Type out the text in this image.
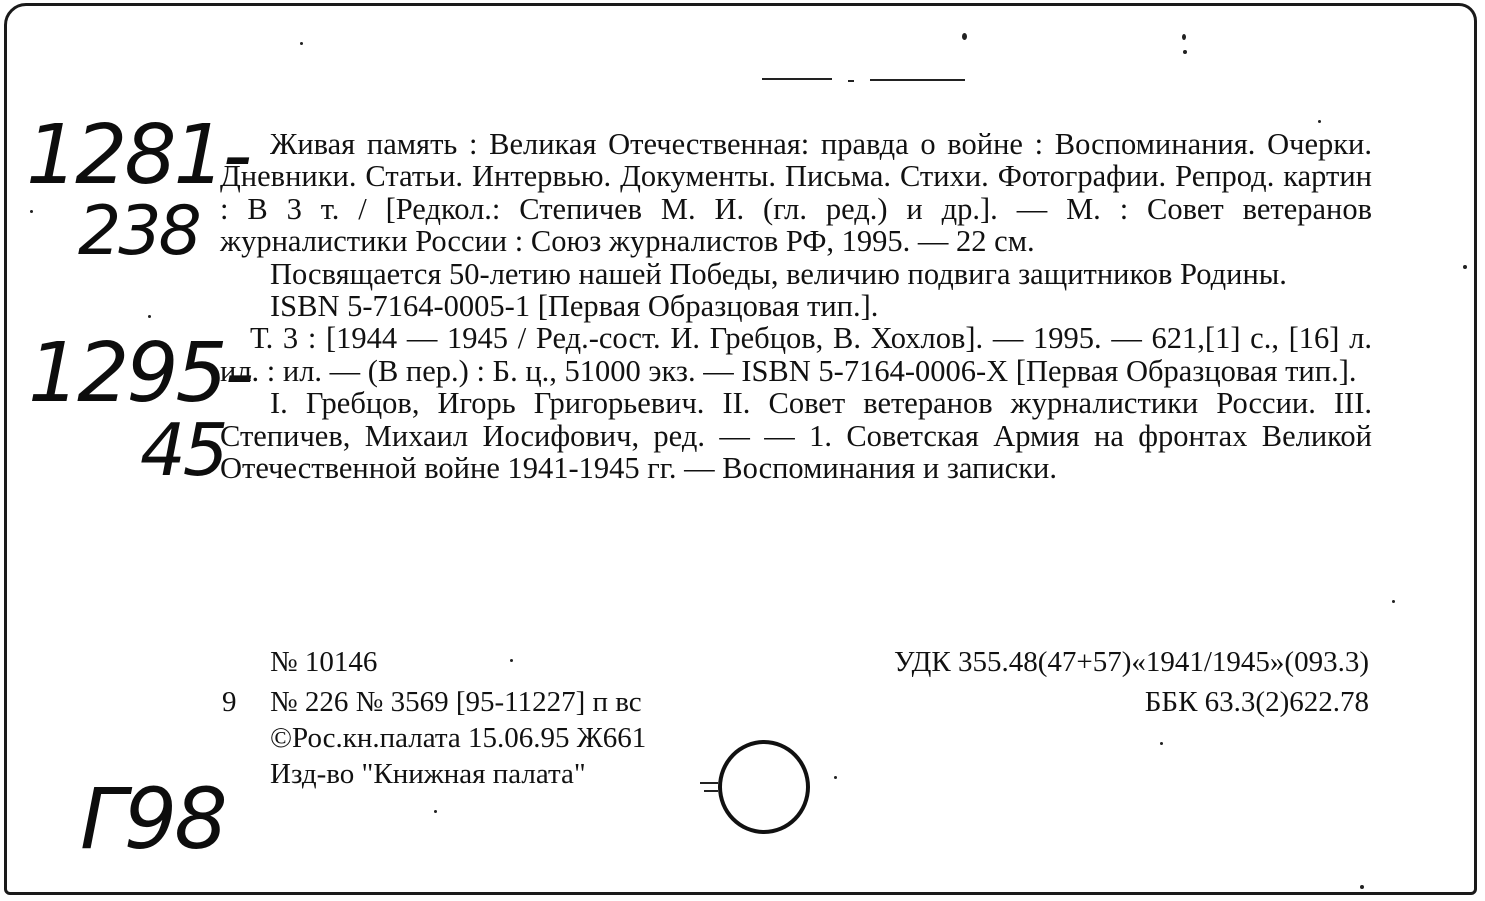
1281-
238
1295-
45
Г98

Живая память : Великая Отечественная: правда о войне : Воспоминания. Очерки. Дневники. Статьи. Интервью. Документы. Письма. Стихи. Фотографии. Репрод. картин : В 3 т. / [Редкол.: Степичев М. И. (гл. ред.) и др.]. — М. : Совет ветеранов журналистики России : Союз журналистов РФ, 1995. — 22 см.

Посвящается 50-летию нашей Победы, величию подвига защитников Родины.

ISBN 5-7164-0005-1 [Первая Образцовая тип.].

Т. 3 : [1944 — 1945 / Ред.-сост. И. Гребцов, В. Хохлов]. — 1995. — 621,[1] с., [16] л. ил. : ил. — (В пер.) : Б. ц., 51000 экз. — ISBN 5-7164-0006-X [Первая Образцовая тип.].

I. Гребцов, Игорь Григорьевич. II. Совет ветеранов журналистики России. III. Степичев, Михаил Иосифович, ред. — — 1. Советская Армия на фронтах Великой Отечественной войне 1941-1945 гг. — Воспоминания и записки.

№ 10146	УДК 355.48(47+57)«1941/1945»(093.3)
9 № 226 № 3569 [95-11227] п вс	ББК 63.3(2)622.78
©Рос.кн.палата 15.06.95 Ж661
Изд-во "Книжная палата"
